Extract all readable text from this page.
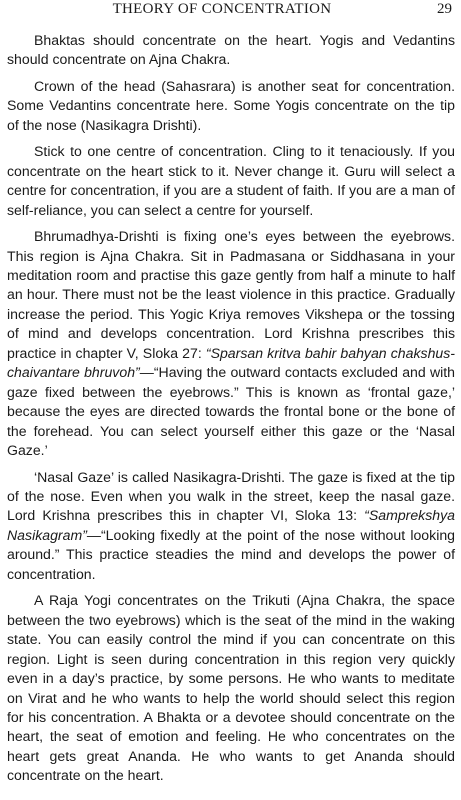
THEORY OF CONCENTRATION	29

Bhaktas should concentrate on the heart. Yogis and Vedantins should concentrate on Ajna Chakra.

Crown of the head (Sahasrara) is another seat for concentration. Some Vedantins concentrate here. Some Yogis concentrate on the tip of the nose (Nasikagra Drishti).

Stick to one centre of concentration. Cling to it tenaciously. If you concentrate on the heart stick to it. Never change it. Guru will select a centre for concentration, if you are a student of faith. If you are a man of self-reliance, you can select a centre for yourself.

Bhrumadhya-Drishti is fixing one’s eyes between the eyebrows. This region is Ajna Chakra. Sit in Padmasana or Siddhasana in your meditation room and practise this gaze gently from half a minute to half an hour. There must not be the least violence in this practice. Gradually increase the period. This Yogic Kriya removes Vikshepa or the tossing of mind and develops concentration. Lord Krishna prescribes this practice in chapter V, Sloka 27: “Sparsan kritva bahir bahyan chakshus-chaivantare bhruvoh”—“Having the outward contacts excluded and with gaze fixed between the eyebrows.” This is known as ‘frontal gaze,’ because the eyes are directed towards the frontal bone or the bone of the forehead. You can select yourself either this gaze or the ‘Nasal Gaze.’

‘Nasal Gaze’ is called Nasikagra-Drishti. The gaze is fixed at the tip of the nose. Even when you walk in the street, keep the nasal gaze. Lord Krishna prescribes this in chapter VI, Sloka 13: “Samprekshya Nasikagram”—“Looking fixedly at the point of the nose without looking around.” This practice steadies the mind and develops the power of concentration.

A Raja Yogi concentrates on the Trikuti (Ajna Chakra, the space between the two eyebrows) which is the seat of the mind in the waking state. You can easily control the mind if you can concentrate on this region. Light is seen during concentration in this region very quickly even in a day’s practice, by some persons. He who wants to meditate on Virat and he who wants to help the world should select this region for his concentration. A Bhakta or a devotee should concentrate on the heart, the seat of emotion and feeling. He who concentrates on the heart gets great Ananda. He who wants to get Ananda should concentrate on the heart.
